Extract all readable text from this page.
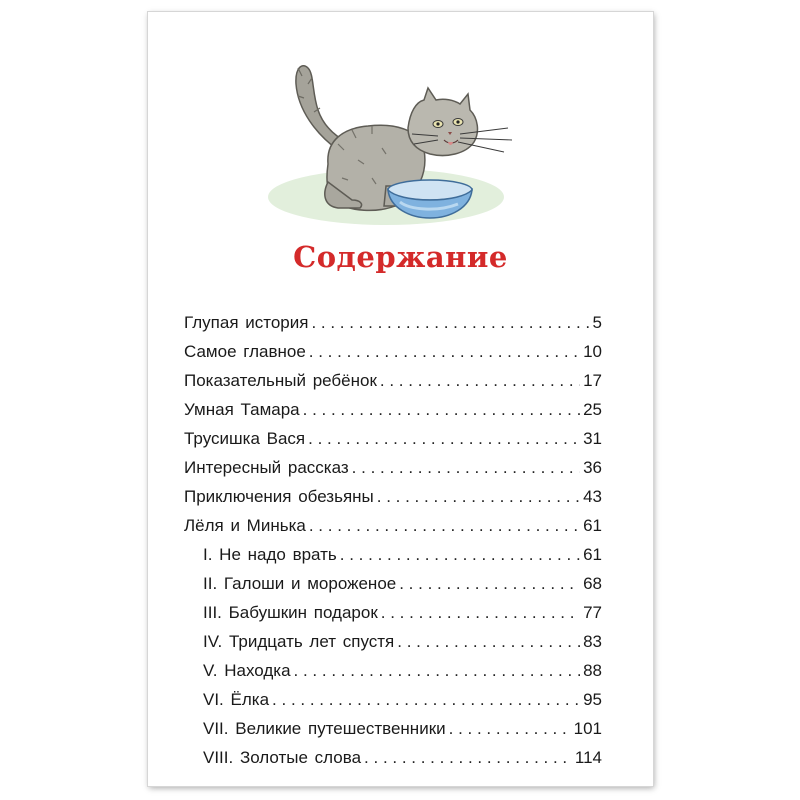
Содержание
Глупая история . . .	5
Самое главное . . .	10
Показательный ребёнок . . .	17
Умная Тамара . . .	25
Трусишка Вася . . .	31
Интересный рассказ . . .	36
Приключения обезьяны . . .	43
Лёля и Минька . . .	61
I. Не надо врать . . .	61
II. Галоши и мороженое . . .	68
III. Бабушкин подарок . . .	77
IV. Тридцать лет спустя . . .	83
V. Находка . . .	88
VI. Ёлка . . .	95
VII. Великие путешественники . . .	101
VIII. Золотые слова . . .	114
